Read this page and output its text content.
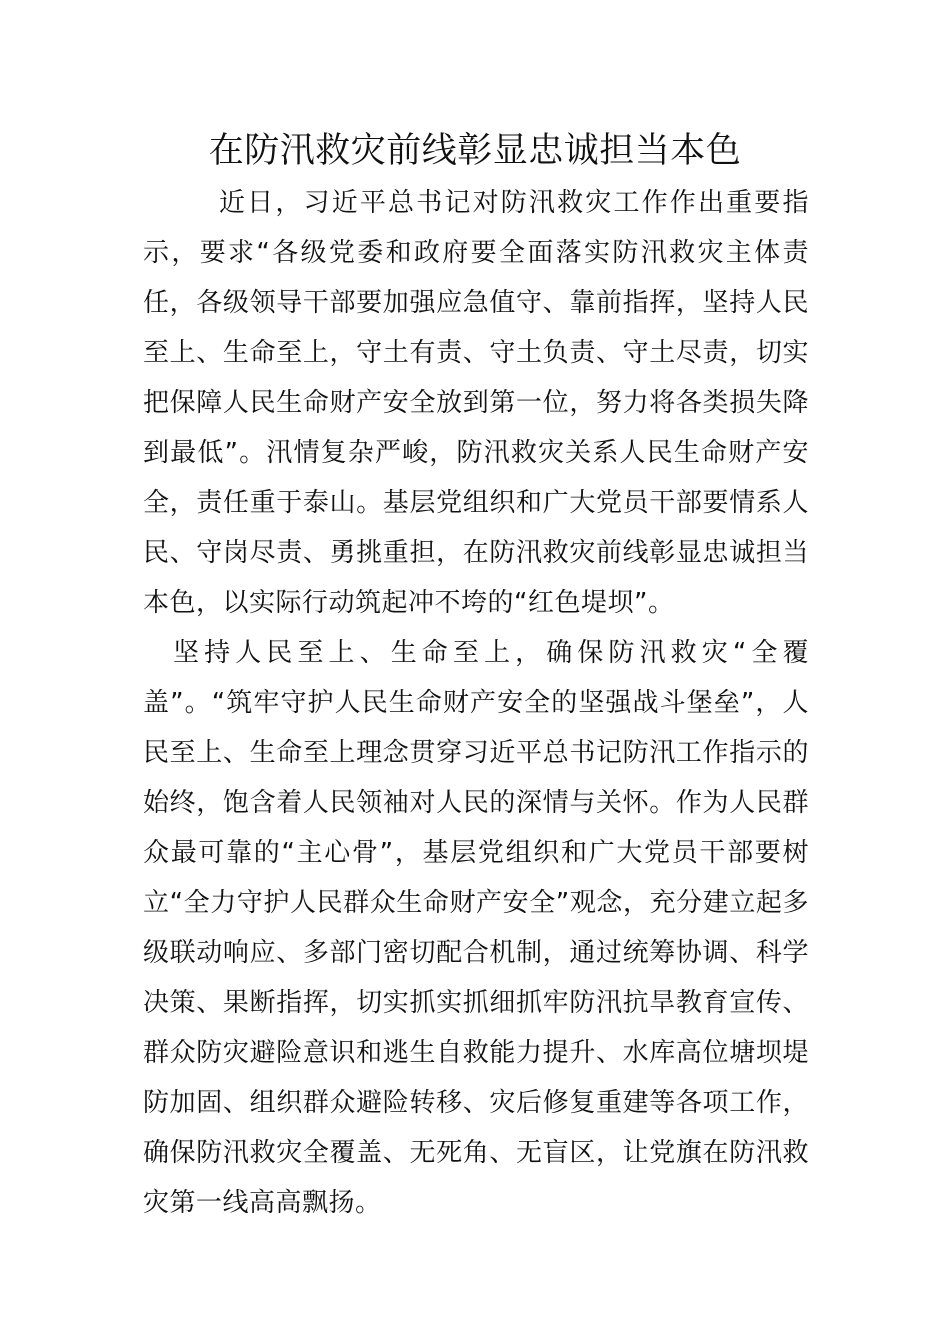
在防汛救灾前线彰显忠诚担当本色

近日，习近平总书记对防汛救灾工作作出重要指示，要求“各级党委和政府要全面落实防汛救灾主体责任，各级领导干部要加强应急值守、靠前指挥，坚持人民至上、生命至上，守土有责、守土负责、守土尽责，切实把保障人民生命财产安全放到第一位，努力将各类损失降到最低”。汛情复杂严峻，防汛救灾关系人民生命财产安全，责任重于泰山。基层党组织和广大党员干部要情系人民、守岗尽责、勇挑重担，在防汛救灾前线彰显忠诚担当本色，以实际行动筑起冲不垮的“红色堤坝”。

坚持人民至上、生命至上，确保防汛救灾“全覆盖”。“筑牢守护人民生命财产安全的坚强战斗堡垒”，人民至上、生命至上理念贯穿习近平总书记防汛工作指示的始终，饱含着人民领袖对人民的深情与关怀。作为人民群众最可靠的“主心骨”，基层党组织和广大党员干部要树立“全力守护人民群众生命财产安全”观念，充分建立起多级联动响应、多部门密切配合机制，通过统筹协调、科学决策、果断指挥，切实抓实抓细抓牢防汛抗旱教育宣传、群众防灾避险意识和逃生自救能力提升、水库高位塘坝堤防加固、组织群众避险转移、灾后修复重建等各项工作，确保防汛救灾全覆盖、无死角、无盲区，让党旗在防汛救灾第一线高高飘扬。
